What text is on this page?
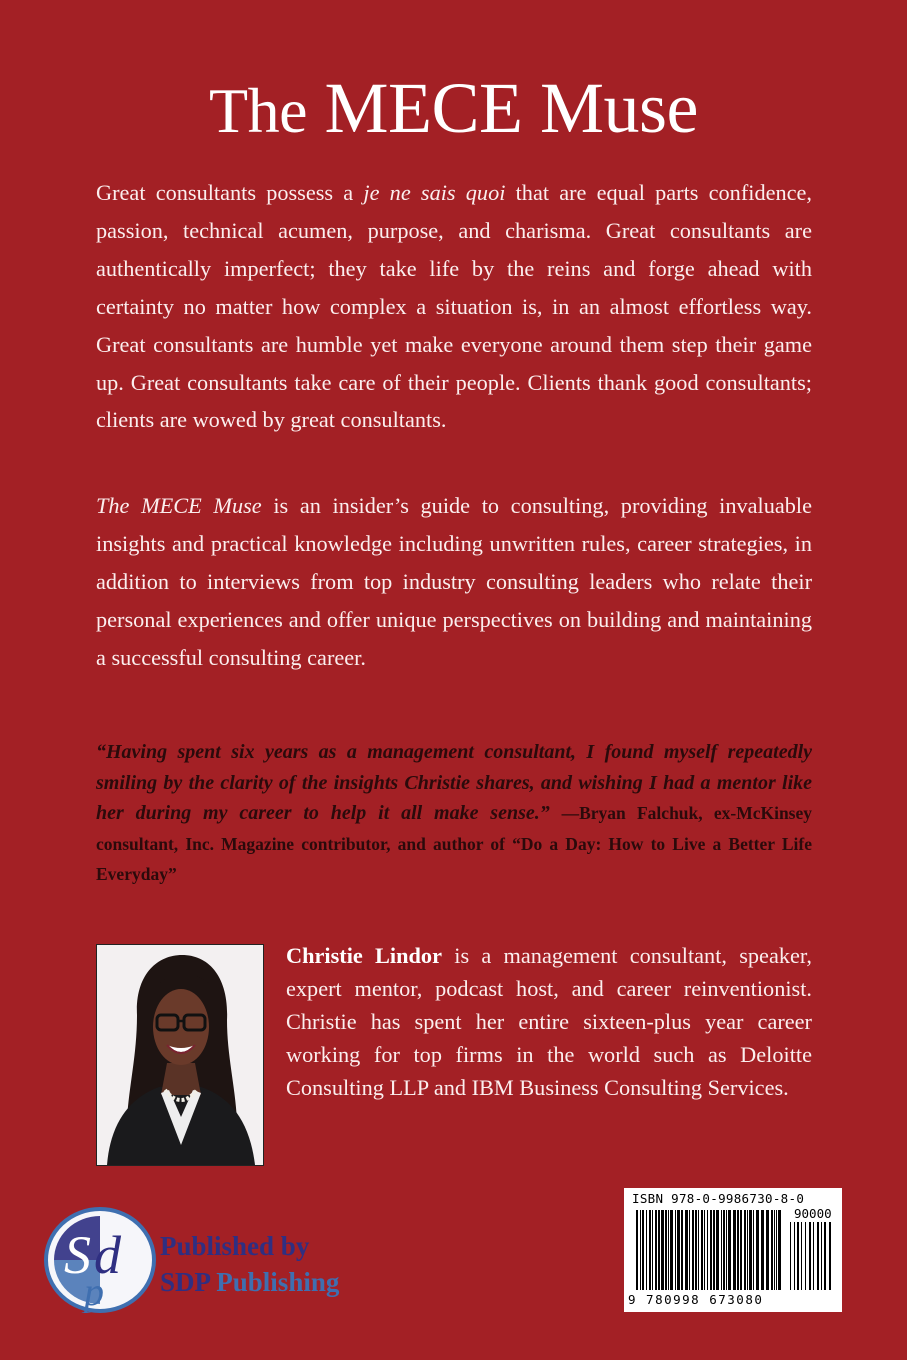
The MECE Muse
Great consultants possess a je ne sais quoi that are equal parts confidence, passion, technical acumen, purpose, and charisma. Great consultants are authentically imperfect; they take life by the reins and forge ahead with certainty no matter how complex a situation is, in an almost effortless way. Great consultants are humble yet make everyone around them step their game up. Great consultants take care of their people. Clients thank good consultants; clients are wowed by great consultants.
The MECE Muse is an insider’s guide to consulting, providing invaluable insights and practical knowledge including unwritten rules, career strategies, in addition to interviews from top industry consulting leaders who relate their personal experiences and offer unique perspectives on building and maintaining a successful consulting career.
“Having spent six years as a management consultant, I found myself repeatedly smiling by the clarity of the insights Christie shares, and wishing I had a mentor like her during my career to help it all make sense.” —Bryan Falchuk, ex-McKinsey consultant, Inc. Magazine contributor, and author of “Do a Day: How to Live a Better Life Everyday”
Christie Lindor is a management consultant, speaker, expert mentor, podcast host, and career reinventionist. Christie has spent her entire sixteen-plus year career working for top firms in the world such as Deloitte Consulting LLP and IBM Business Consulting Services.
S d
p
Published by
SDP Publishing
ISBN 978-0-9986730-8-0
90000
9 780998 673080
